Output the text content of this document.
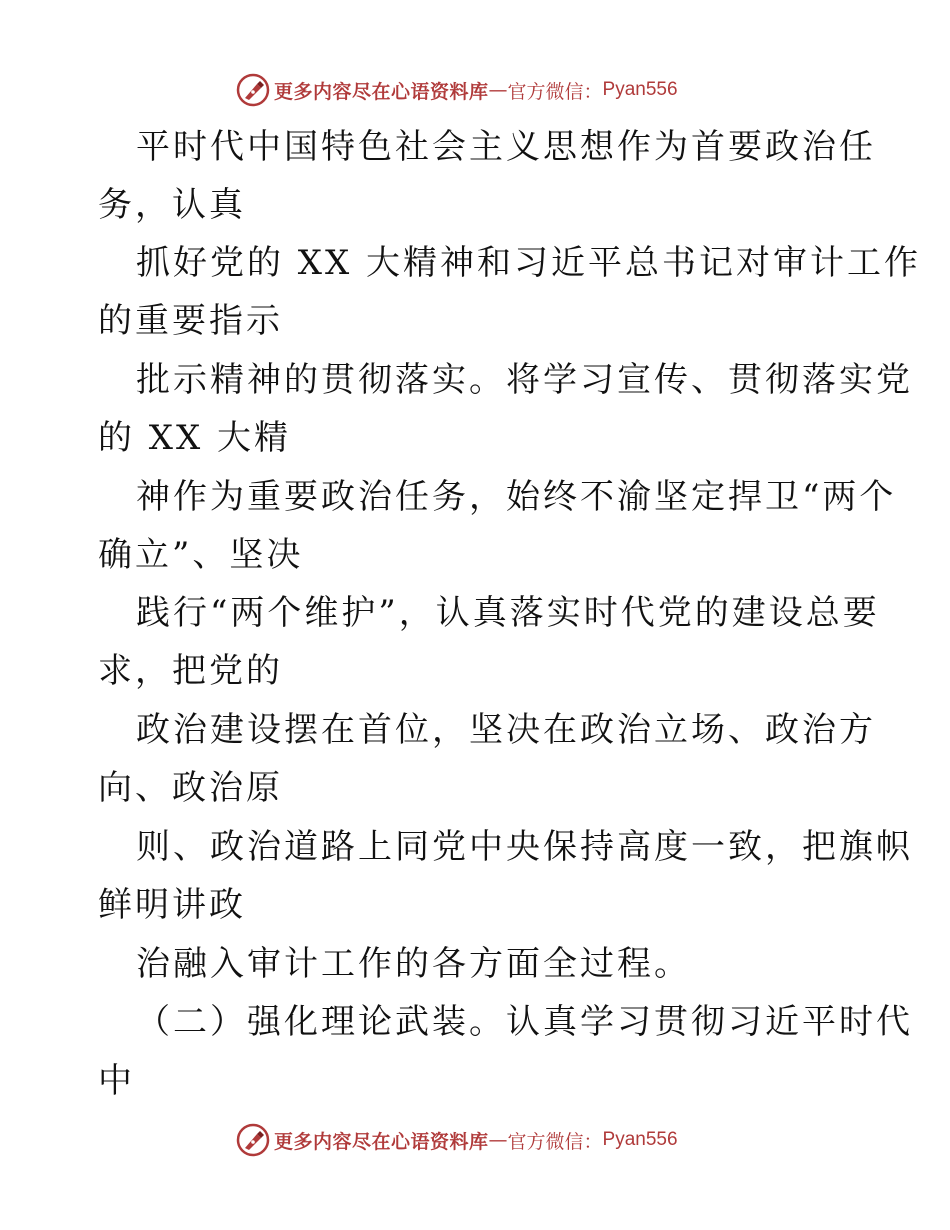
更多内容尽在心语资料库 — 官方微信： Pyan556
平时代中国特色社会主义思想作为首要政治任
务，认真
抓好党的 XX 大精神和习近平总书记对审计工作
的重要指示
批示精神的贯彻落实。将学习宣传、贯彻落实党
的 XX 大精
神作为重要政治任务，始终不渝坚定捍卫“两个
确立”、坚决
践行“两个维护”，认真落实时代党的建设总要
求，把党的
政治建设摆在首位，坚决在政治立场、政治方
向、政治原
则、政治道路上同党中央保持高度一致，把旗帜
鲜明讲政
治融入审计工作的各方面全过程。
（二）强化理论武装。认真学习贯彻习近平时代
中
更多内容尽在心语资料库 — 官方微信： Pyan556
